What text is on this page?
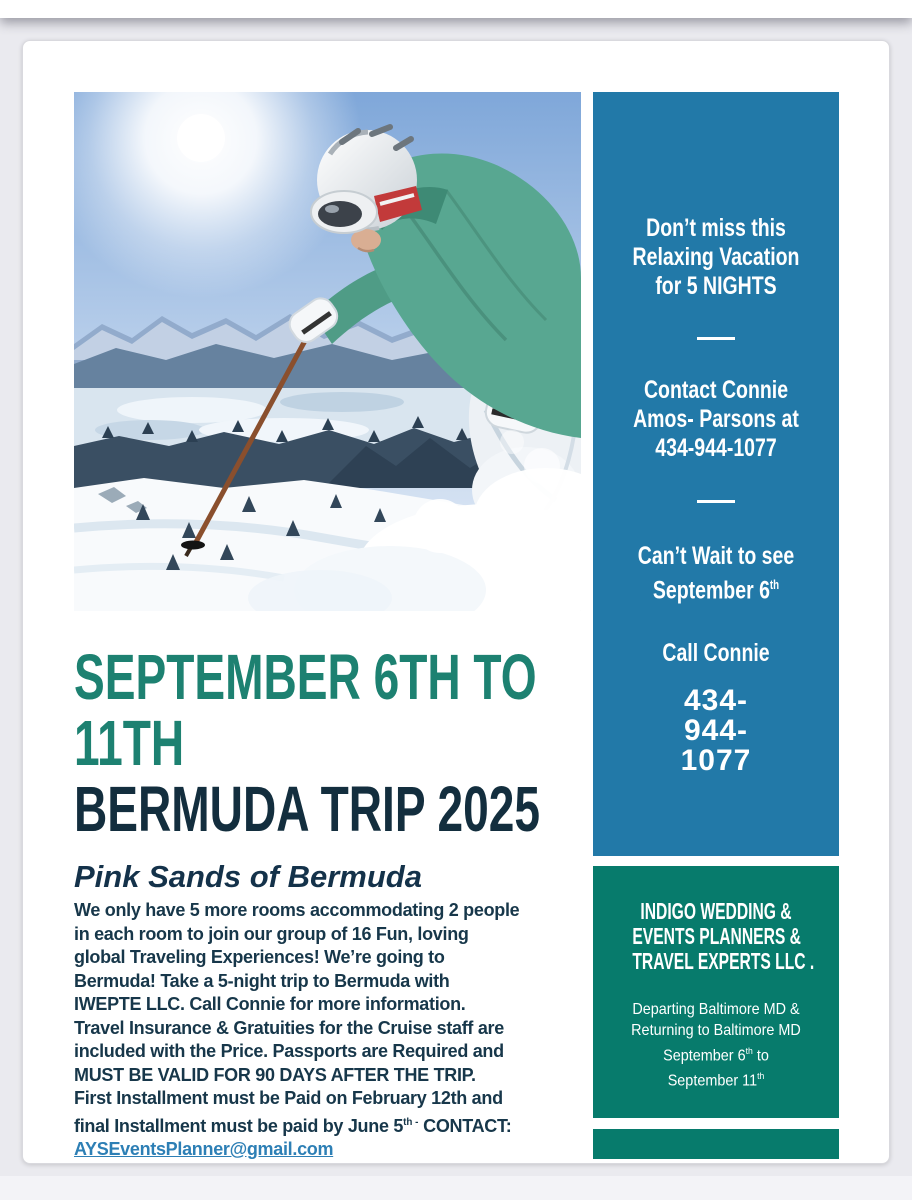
Don’t miss this
Relaxing Vacation
for 5 NIGHTS
Contact Connie
Amos- Parsons at
434-944-1077
Can’t Wait to see
September 6th
Call Connie
434-
944-
1077
SEPTEMBER 6TH TO
11TH
BERMUDA TRIP 2025
Pink Sands of Bermuda
We only have 5 more rooms accommodating 2 people
in each room to join our group of 16 Fun, loving
global Traveling Experiences! We’re going to
Bermuda! Take a 5-night trip to Bermuda with
IWEPTE LLC. Call Connie for more information.
Travel Insurance & Gratuities for the Cruise staff are
included with the Price. Passports are Required and
MUST BE VALID FOR 90 DAYS AFTER THE TRIP.
First Installment must be Paid on February 12th and
final Installment must be paid by June $5^{th -}$ CONTACT:
AYSEventsPlanner@gmail.com
INDIGO WEDDING &
EVENTS PLANNERS &
TRAVEL EXPERTS LLC .
Departing Baltimore MD &
Returning to Baltimore MD
September 6th to
September 11th
